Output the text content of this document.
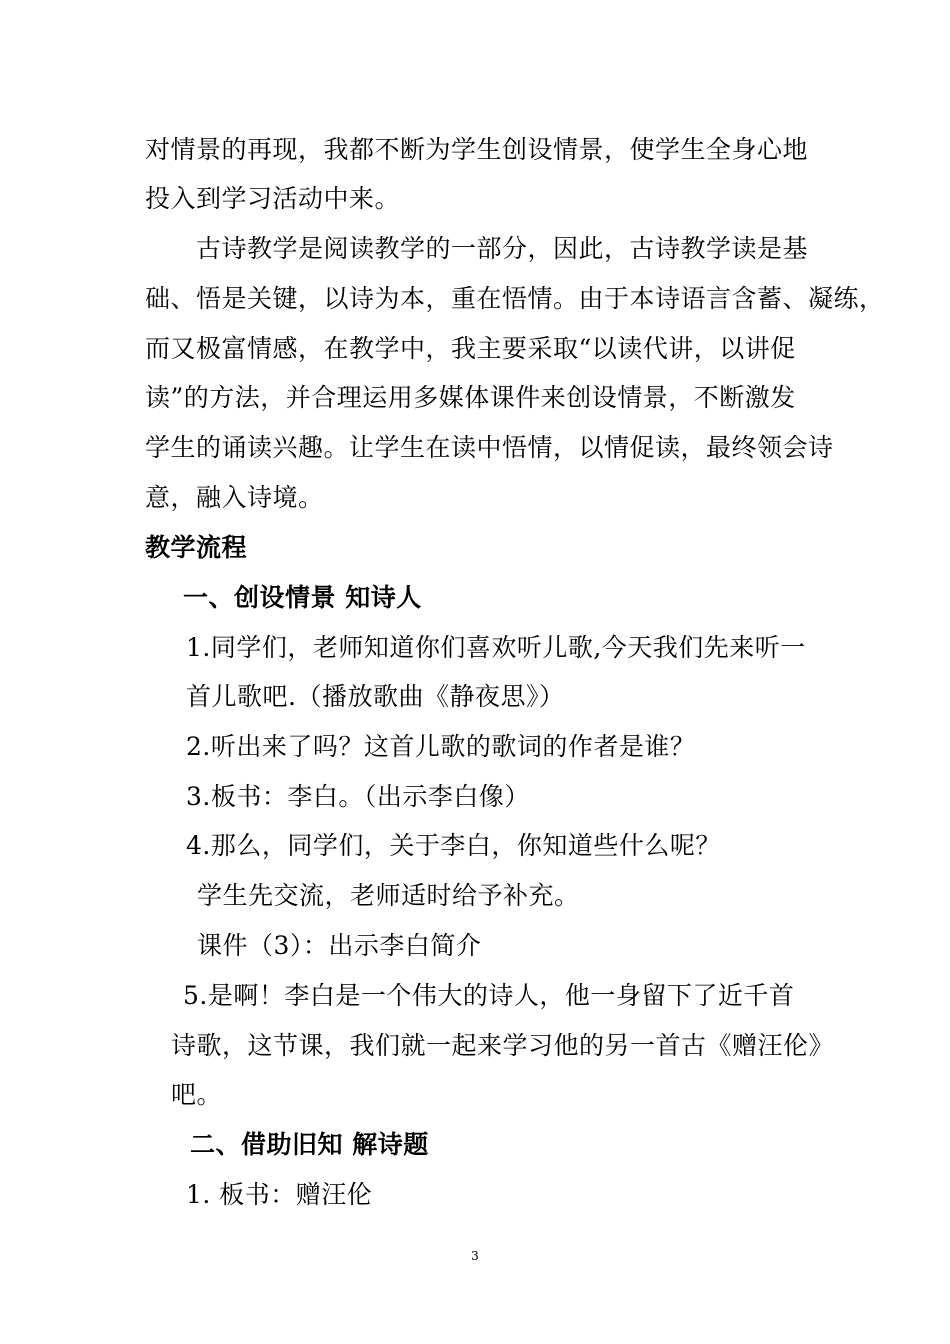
对情景的再现，我都不断为学生创设情景，使学生全身心地
投入到学习活动中来。
古诗教学是阅读教学的一部分，因此，古诗教学读是基
础、悟是关键，以诗为本，重在悟情。由于本诗语言含蓄、凝练，
而又极富情感，在教学中，我主要采取“以读代讲，以讲促
读”的方法，并合理运用多媒体课件来创设情景，不断激发
学生的诵读兴趣。让学生在读中悟情，以情促读，最终领会诗
意，融入诗境。
教学流程
一、创设情景 知诗人
1.同学们，老师知道你们喜欢听儿歌,今天我们先来听一
首儿歌吧.（播放歌曲《静夜思》）
2.听出来了吗？这首儿歌的歌词的作者是谁？
3.板书：李白。（出示李白像）
4.那么，同学们，关于李白，你知道些什么呢？
学生先交流，老师适时给予补充。
课件（3）：出示李白简介
5.是啊！李白是一个伟大的诗人，他一身留下了近千首
诗歌，这节课，我们就一起来学习他的另一首古《赠汪伦》
吧。
二、借助旧知 解诗题
1. 板书：赠汪伦
3
